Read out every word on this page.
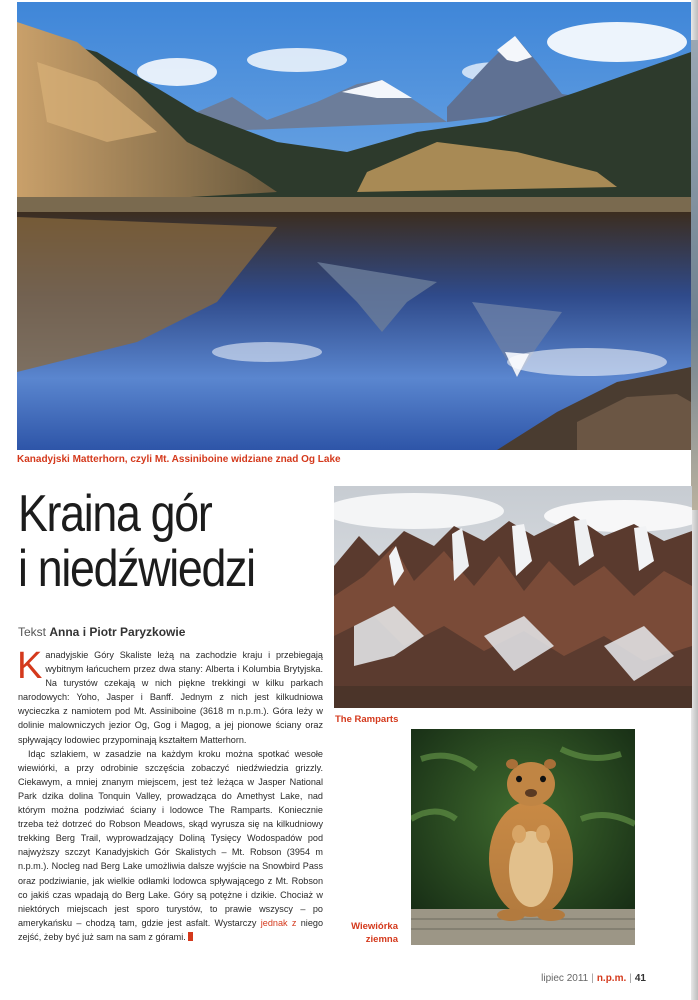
Kanadyjski Matterhorn, czyli Mt. Assiniboine widziane znad Og Lake
Kraina gór
i niedźwiedzi
Tekst Anna i Piotr Paryzkowie

Kanadyjskie Góry Skaliste leżą na zachodzie kraju i przebiegają wybitnym łańcuchem przez dwa stany: Alberta i Kolumbia Brytyjska. Na turystów czekają w nich piękne trekkingi w kilku parkach narodowych: Yoho, Jasper i Banff. Jednym z nich jest kilkudniowa wycieczka z namiotem pod Mt. Assiniboine (3618 m n.p.m.). Góra leży w dolinie malowniczych jezior Og, Gog i Magog, a jej pionowe ściany oraz spływający lodowiec przypominają kształtem Matterhorn.

Idąc szlakiem, w zasadzie na każdym kroku można spotkać wesołe wiewiórki, a przy odrobinie szczęścia zobaczyć niedźwiedzia grizzly. Ciekawym, a mniej znanym miejscem, jest też leżąca w Jasper National Park dzika dolina Tonquin Valley, prowadząca do Amethyst Lake, nad którym można podziwiać ściany i lodowce The Ramparts. Koniecznie trzeba też dotrzeć do Robson Meadows, skąd wyrusza się na kilkudniowy trekking Berg Trail, wyprowadzający Doliną Tysięcy Wodospadów pod najwyższy szczyt Kanadyjskich Gór Skalistych – Mt. Robson (3954 m n.p.m.). Nocleg nad Berg Lake umożliwia dalsze wyjście na Snowbird Pass oraz podziwianie, jak wielkie odłamki lodowca spływającego z Mt. Robson co jakiś czas wpadają do Berg Lake. Góry są potężne i dzikie. Chociaż w niektórych miejscach jest sporo turystów, to prawie wszyscy – po amerykańsku – chodzą tam, gdzie jest asfalt. Wystarczy jednak z niego zejść, żeby być już sam na sam z górami.

The Ramparts
Wiewiórka
ziemna
lipiec 2011 | n.p.m. | 41
